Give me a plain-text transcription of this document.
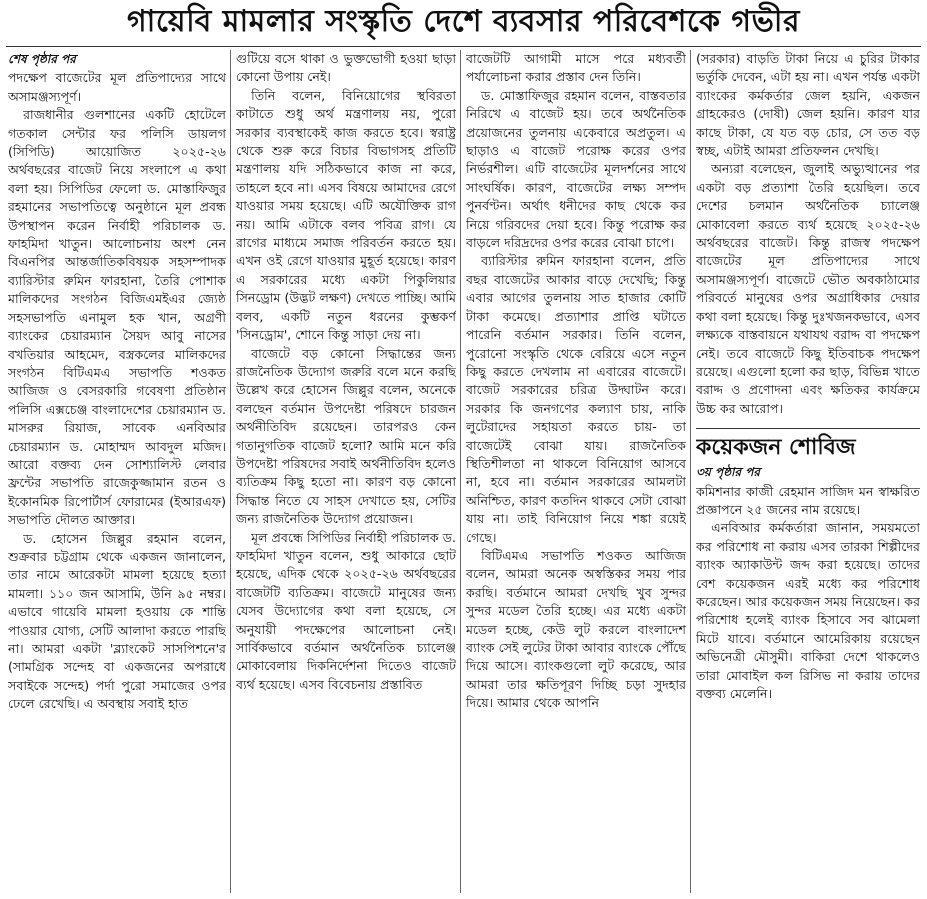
গায়েবি মামলার সংস্কৃতি দেশে ব্যবসার পরিবেশকে গভীর
শেষ পৃষ্ঠার পর

পদক্ষেপ বাজেটের মূল প্রতিপাদ্যের সাথে অসামঞ্জস্যপূর্ণ।

রাজধানীর গুলশানের একটি হোটেলে গতকাল সেন্টার ফর পলিসি ডায়লগ (সিপিডি) আয়োজিত ২০২৫-২৬ অর্থবছরের বাজেট নিয়ে সংলাপে এ কথা বলা হয়। সিপিডির ফেলো ড. মোস্তাফিজুর রহমানের সভাপতিত্বে অনুষ্ঠানে মূল প্রবন্ধ উপস্থাপন করেন নির্বাহী পরিচালক ড. ফাহমিদা খাতুন। আলোচনায় অংশ নেন বিএনপির আন্তর্জাতিকবিষয়ক সহসম্পাদক ব্যারিস্টার রুমিন ফারহানা, তৈরি পোশাক মালিকদের সংগঠন বিজিএমইএর জ্যেষ্ঠ সহসভাপতি এনামুল হক খান, অগ্রণী ব্যাংকের চেয়ারম্যান সৈয়দ আবু নাসের বখতিয়ার আহমেদ, বস্ত্রকলের মালিকদের সংগঠন বিটিএমএ সভাপতি শওকত আজিজ ও বেসরকারি গবেষণা প্রতিষ্ঠান পলিসি এক্সচেঞ্জ বাংলাদেশের চেয়ারম্যান ড. মাসরুর রিয়াজ, সাবেক এনবিআর চেয়ারম্যান ড. মোহাম্মদ আবদুল মজিদ। আরো বক্তব্য দেন সোশ্যালিস্ট লেবার ফ্রন্টের সভাপতি রাজেকুজ্জামান রতন ও ইকোনমিক রিপোর্টার্স ফোরামের (ইআরএফ) সভাপতি দৌলত আক্তার।

ড. হোসেন জিল্লুর রহমান বলেন, শুক্রবার চট্টগ্রাম থেকে একজন জানালেন, তার নামে আরেকটা মামলা হয়েছে হত্যা মামলা। ১১০ জন আসামি, উনি ৯৫ নম্বর। এভাবে গায়েবি মামলা হওয়ায় কে শান্তি পাওয়ার যোগ্য, সেটি আলাদা করতে পারছি না। আমরা একটা 'ব্ল্যাংকেট সাসপিশনে'র (সামগ্রিক সন্দেহ বা একজনের অপরাধে সবাইকে সন্দেহ) পর্দা পুরো সমাজের ওপর ঢেলে রেখেছি। এ অবস্থায় সবাই হাত

গুটিয়ে বসে থাকা ও ভুক্তভোগী হওয়া ছাড়া কোনো উপায় নেই।

তিনি বলেন, বিনিয়োগের স্থবিরতা কাটাতে শুধু অর্থ মন্ত্রণালয় নয়, পুরো সরকার ব্যবস্থাকেই কাজ করতে হবে। স্বরাষ্ট্র থেকে শুরু করে বিচার বিভাগসহ প্রতিটি মন্ত্রণালয় যদি সঠিকভাবে কাজ না করে, তাহলে হবে না। এসব বিষয়ে আমাদের রেগে যাওয়ার সময় হয়েছে। এটি অযৌক্তিক রাগ নয়। আমি এটাকে বলব পবিত্র রাগ। যে রাগের মাধ্যমে সমাজ পরিবর্তন করতে হয়। এখন ওই রেগে যাওয়ার মুহূর্ত হয়েছে। কারণ এ সরকারের মধ্যে একটা পিকুলিয়ার সিনড্রোম (উদ্ভট লক্ষণ) দেখতে পাচ্ছি। আমি বলব, একটি নতুন ধরনের কুম্ভকর্ণ 'সিনড্রোম', শোনে কিন্তু সাড়া দেয় না।

বাজেটে বড় কোনো সিদ্ধান্তের জন্য রাজনৈতিক উদ্যোগ জরুরি বলে মনে করছি উল্লেখ করে হোসেন জিল্লুর বলেন, অনেকে বলছেন বর্তমান উপদেষ্টা পরিষদে চারজন অর্থনীতিবিদ রয়েছেন। তারপরও কেন গতানুগতিক বাজেট হলো? আমি মনে করি উপদেষ্টা পরিষদের সবাই অর্থনীতিবিদ হলেও ব্যতিক্রম কিছু হতো না। কারণ বড় কোনো সিদ্ধান্ত নিতে যে সাহস দেখাতে হয়, সেটির জন্য রাজনৈতিক উদ্যোগ প্রয়োজন।

মূল প্রবন্ধে সিপিডির নির্বাহী পরিচালক ড. ফাহমিদা খাতুন বলেন, শুধু আকারে ছোট হয়েছে, এদিক থেকে ২০২৫-২৬ অর্থবছরের বাজেটটি ব্যতিক্রম। বাজেটে মানুষের জন্য যেসব উদ্যোগের কথা বলা হয়েছে, সে অনুযায়ী পদক্ষেপের আলোচনা নেই। সার্বিকভাবে বর্তমান অর্থনৈতিক চ্যালেঞ্জ মোকাবেলায় দিকনির্দেশনা দিতেও বাজেট ব্যর্থ হয়েছে। এসব বিবেচনায় প্রস্তাবিত

বাজেটটি আগামী মাসে পরে মধ্যবর্তী পর্যালোচনা করার প্রস্তাব দেন তিনি।

ড. মোস্তাফিজুর রহমান বলেন, বাস্তবতার নিরিখে এ বাজেট হয়। তবে অর্থনৈতিক প্রয়োজনের তুলনায় একেবারে অপ্রতুল। এ ছাড়াও এ বাজেট পরোক্ষ করের ওপর নির্ভরশীল। এটি বাজেটের মূলদর্শনের সাথে সাংঘর্ষিক। কারণ, বাজেটের লক্ষ্য সম্পদ পুনর্বণ্টন। অর্থাৎ ধনীদের কাছ থেকে কর নিয়ে গরিবদের দেয়া হবে। কিন্তু পরোক্ষ কর বাড়লে দরিদ্রদের ওপর করের বোঝা চাপে।

ব্যারিস্টার রুমিন ফারহানা বলেন, প্রতি বছর বাজেটের আকার বাড়ে দেখেছি; কিন্তু এবার আগের তুলনায় সাত হাজার কোটি টাকা কমেছে। প্রত্যাশার প্রাপ্তি ঘটাতে পারেনি বর্তমান সরকার। তিনি বলেন, পুরোনো সংস্কৃতি থেকে বেরিয়ে এসে নতুন কিছু করতে দেখলাম না এবারের বাজেটে। বাজেট সরকারের চরিত্র উদ্ঘাটন করে। সরকার কি জনগণের কল্যাণ চায়, নাকি লুটেরাদের সহায়তা করতে চায়- তা বাজেটেই বোঝা যায়। রাজনৈতিক স্থিতিশীলতা না থাকলে বিনিয়োগ আসবে না, হবে না। বর্তমান সরকারের আমলটা অনিশ্চিত, কারণ কতদিন থাকবে সেটা বোঝা যায় না। তাই বিনিয়োগ নিয়ে শঙ্কা রয়েই গেছে।

বিটিএমএ সভাপতি শওকত আজিজ বলেন, আমরা অনেক অস্বস্তিকর সময় পার করছি। বর্তমানে আমরা দেখছি খুব সুন্দর সুন্দর মডেল তৈরি হচ্ছে। এর মধ্যে একটা মডেল হচ্ছে, কেউ লুট করলে বাংলাদেশ ব্যাংক সেই লুটের টাকা আবার ব্যাংকে পৌঁছে দিয়ে আসে। ব্যাংকগুলো লুট করেছে, আর আমরা তার ক্ষতিপূরণ দিচ্ছি চড়া সুদহার দিয়ে। আমার থেকে আপনি

(সরকার) বাড়তি টাকা নিয়ে এ চুরির টাকার ভর্তুকি দেবেন, এটা হয় না। এখন পর্যন্ত একটা ব্যাংকের কর্মকর্তার জেল হয়নি, একজন গ্রাহকেরও (দোষী) জেল হয়নি। কারণ যার কাছে টাকা, যে যত বড় চোর, সে তত বড় স্বচ্ছ, এটাই আমরা প্রতিফলন দেখছি।

অন্যরা বলেছেন, জুলাই অভ্যুত্থানের পর একটা বড় প্রত্যাশা তৈরি হয়েছিল। তবে দেশের চলমান অর্থনৈতিক চ্যালেঞ্জ মোকাবেলা করতে ব্যর্থ হয়েছে ২০২৫-২৬ অর্থবছরের বাজেট। কিন্তু রাজস্ব পদক্ষেপ বাজেটের মূল প্রতিপাদ্যের সাথে অসামঞ্জস্যপূর্ণ। বাজেটে ভৌত অবকাঠামোর পরিবর্তে মানুষের ওপর অগ্রাধিকার দেয়ার কথা বলা হয়েছে। কিন্তু দুঃখজনকভাবে, এসব লক্ষ্যকে বাস্তবায়নে যথাযথ বরাদ্দ বা পদক্ষেপ নেই। তবে বাজেটে কিছু ইতিবাচক পদক্ষেপ রয়েছে। এগুলো হলো কর ছাড়, বিভিন্ন খাতে বরাদ্দ ও প্রণোদনা এবং ক্ষতিকর কার্যক্রমে উচ্চ কর আরোপ।

কয়েকজন শোবিজ
৩য় পৃষ্ঠার পর

কমিশনার কাজী রেহমান সাজিদ মন স্বাক্ষরিত প্রজ্ঞাপনে ২৫ জনের নাম রয়েছে।

এনবিআর কর্মকর্তারা জানান, সময়মতো কর পরিশোধ না করায় এসব তারকা শিল্পীদের ব্যাংক অ্যাকাউন্ট জব্দ করা হয়েছে। তাদের বেশ কয়েকজন এরই মধ্যে কর পরিশোধ করেছেন। আর কয়েকজন সময় নিয়েছেন। কর পরিশোধ হলেই ব্যাংক হিসাবে সব ঝামেলা মিটে যাবে। বর্তমানে আমেরিকায় রয়েছেন অভিনেত্রী মৌসুমী। বাকিরা দেশে থাকলেও তারা মোবাইল কল রিসিভ না করায় তাদের বক্তব্য মেলেনি।
